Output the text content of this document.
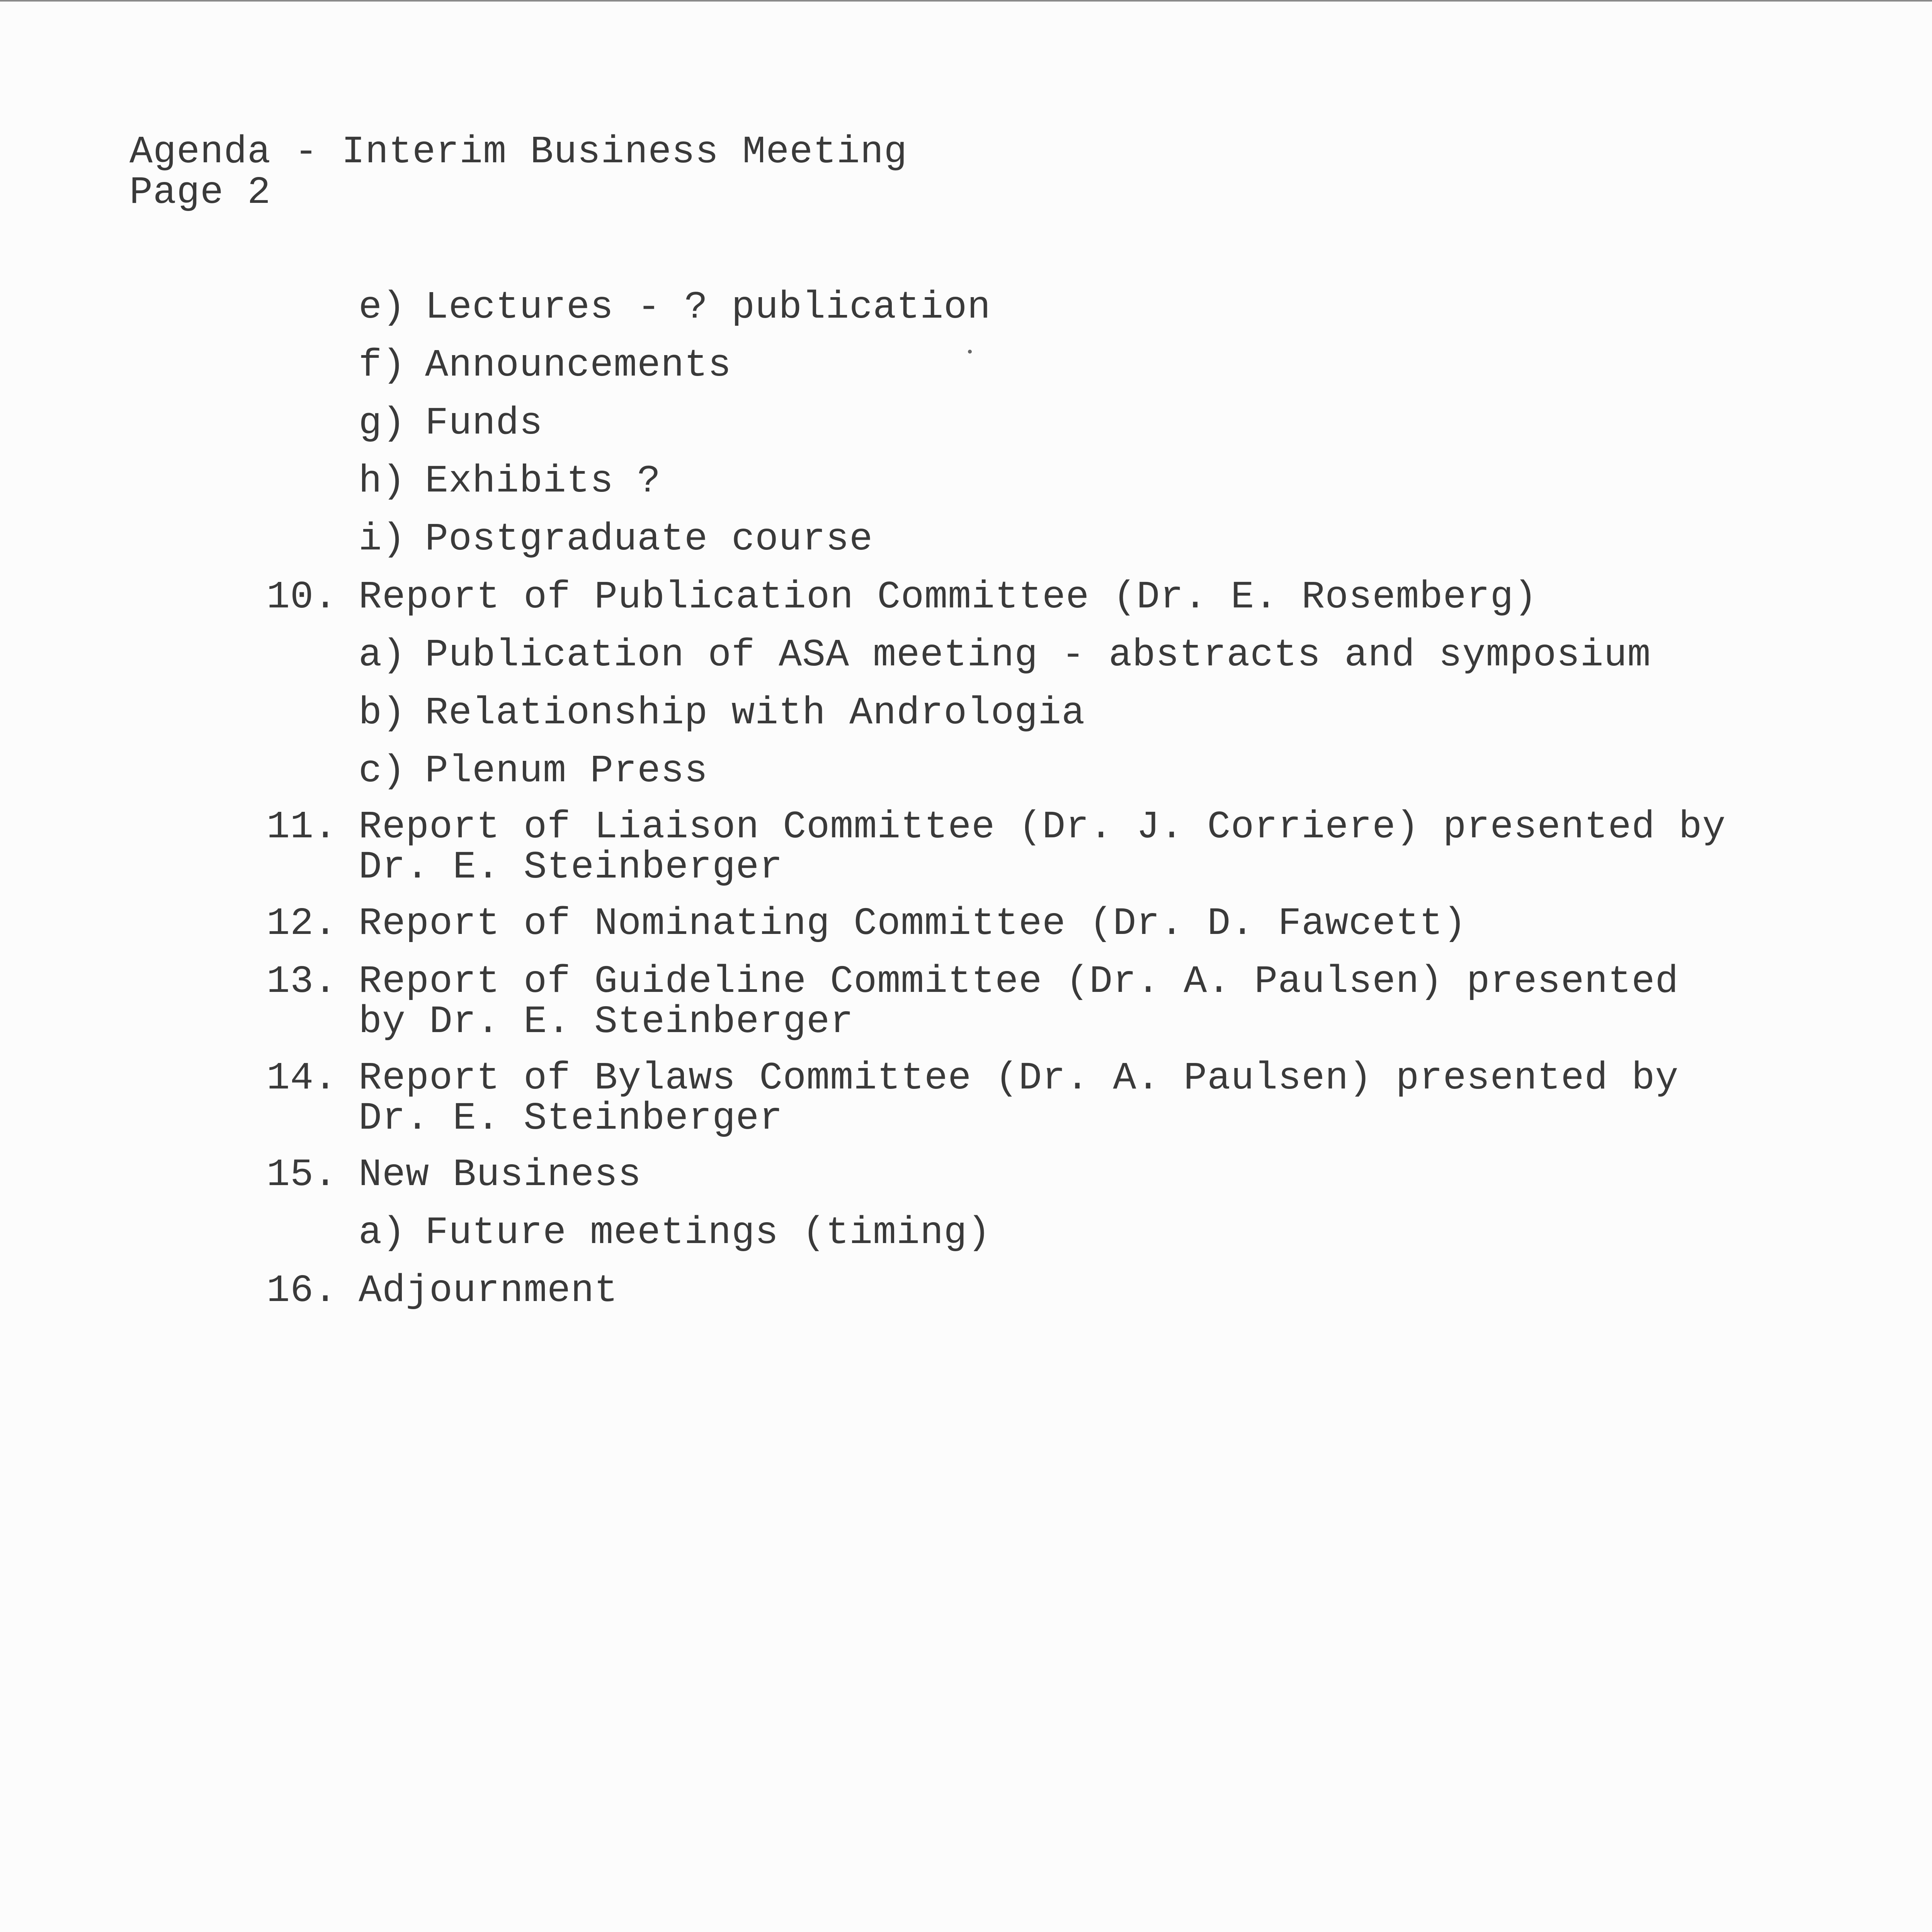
Agenda - Interim Business Meeting
Page 2
e) Lectures - ? publication
f) Announcements
g) Funds
h) Exhibits ?
i) Postgraduate course
10. Report of Publication Committee (Dr. E. Rosemberg)
a) Publication of ASA meeting - abstracts and symposium
b) Relationship with Andrologia
c) Plenum Press
11. Report of Liaison Committee (Dr. J. Corriere) presented by
Dr. E. Steinberger
12. Report of Nominating Committee (Dr. D. Fawcett)
13. Report of Guideline Committee (Dr. A. Paulsen) presented
by Dr. E. Steinberger
14. Report of Bylaws Committee (Dr. A. Paulsen) presented by
Dr. E. Steinberger
15. New Business
a) Future meetings (timing)
16. Adjournment
